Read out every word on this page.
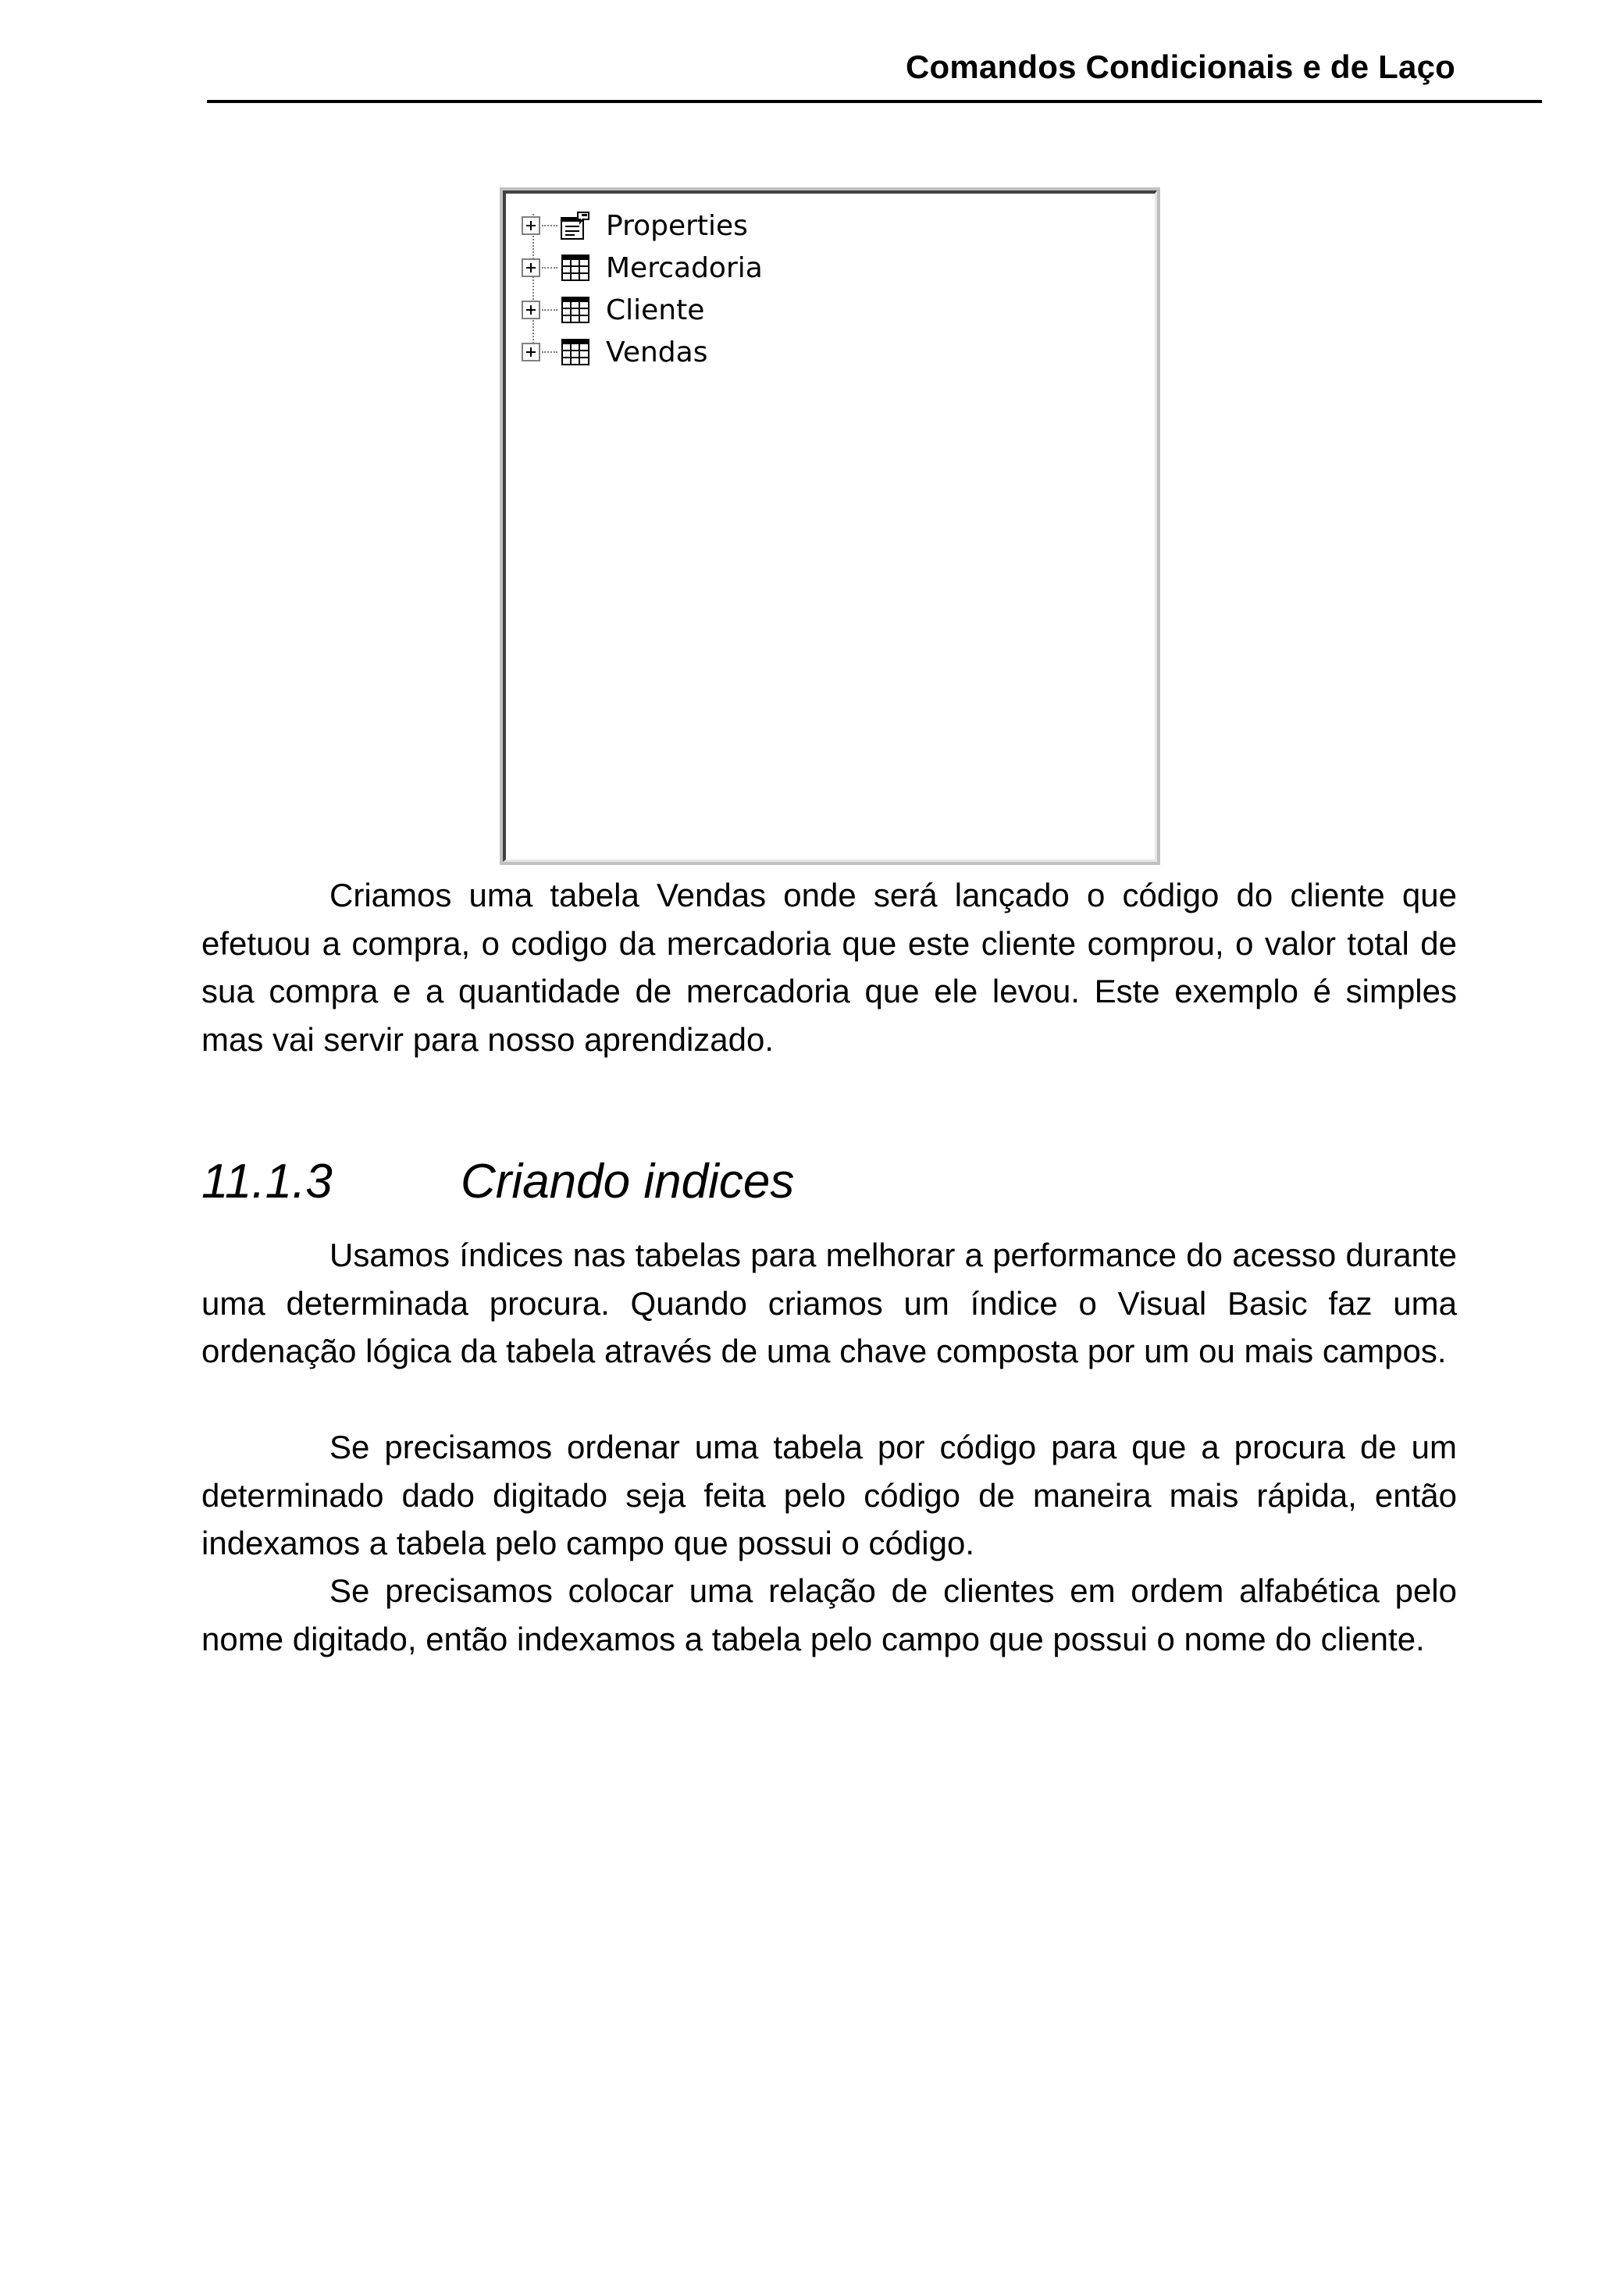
Comandos Condicionais e de Laço
Properties
Mercadoria
Cliente
Vendas

Criamos uma tabela Vendas onde será lançado o código do cliente que efetuou a compra, o codigo da mercadoria que este cliente comprou, o valor total de sua compra e a quantidade de mercadoria que ele levou. Este exemplo é simples mas vai servir para nosso aprendizado.

11.1.3	Criando indices

Usamos índices nas tabelas para melhorar a performance do acesso durante uma determinada procura. Quando criamos um índice o Visual Basic faz uma ordenação lógica da tabela através de uma chave composta por um ou mais campos.

Se precisamos ordenar uma tabela por código para que a procura de um determinado dado digitado seja feita pelo código de maneira mais rápida, então indexamos a tabela pelo campo que possui o código.

Se precisamos colocar uma relação de clientes em ordem alfabética pelo nome digitado, então indexamos a tabela pelo campo que possui o nome do cliente.
